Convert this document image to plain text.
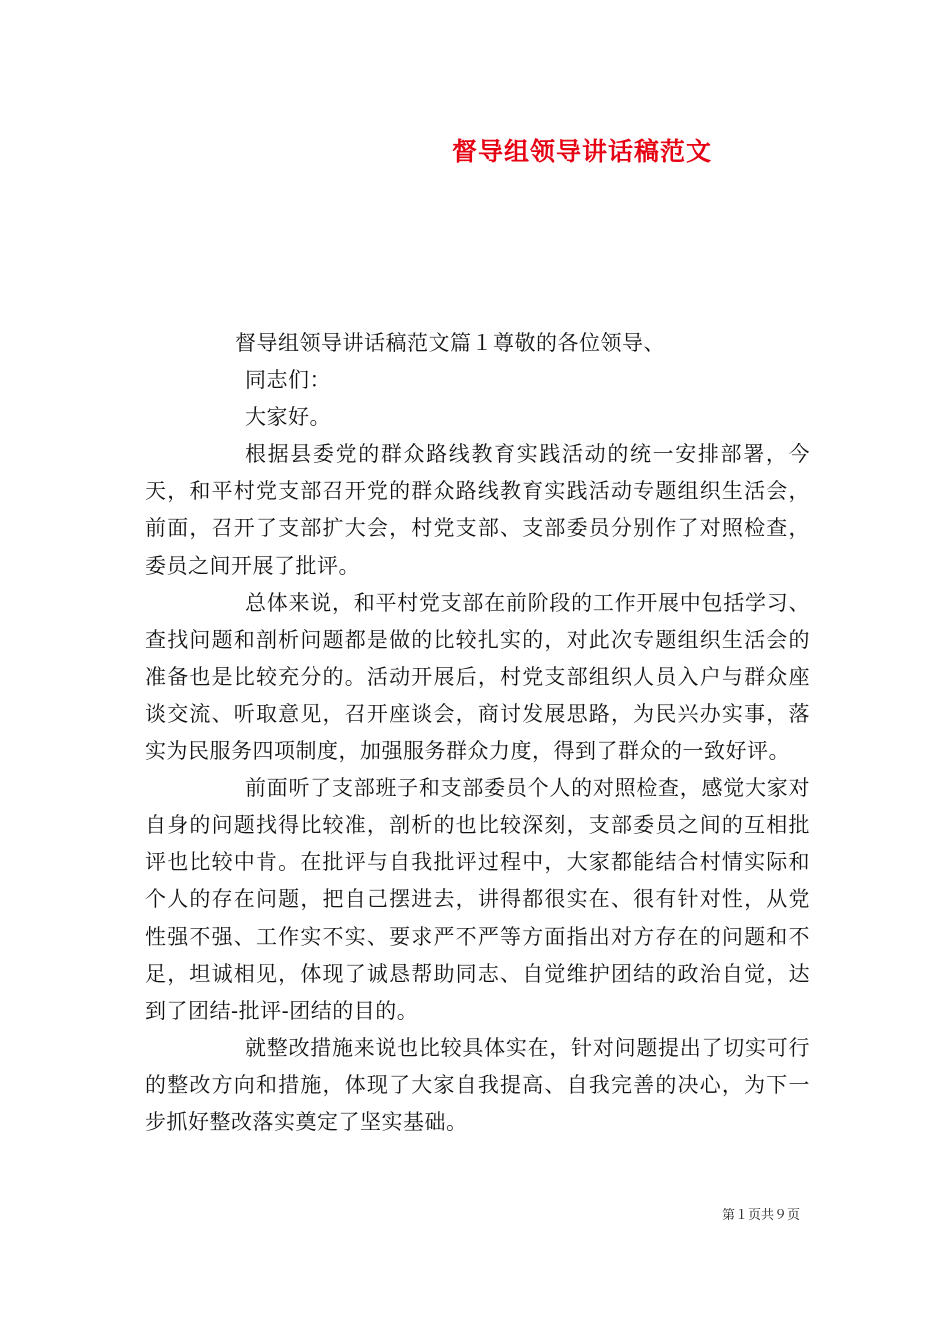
督导组领导讲话稿范文

督导组领导讲话稿范文篇１尊敬的各位领导、

同志们：

大家好。

根据县委党的群众路线教育实践活动的统一安排部署，今天，和平村党支部召开党的群众路线教育实践活动专题组织生活会，前面，召开了支部扩大会，村党支部、支部委员分别作了对照检查，委员之间开展了批评。

总体来说，和平村党支部在前阶段的工作开展中包括学习、查找问题和剖析问题都是做的比较扎实的，对此次专题组织生活会的准备也是比较充分的。活动开展后，村党支部组织人员入户与群众座谈交流、听取意见，召开座谈会，商讨发展思路，为民兴办实事，落实为民服务四项制度，加强服务群众力度，得到了群众的一致好评。

前面听了支部班子和支部委员个人的对照检查，感觉大家对自身的问题找得比较准，剖析的也比较深刻，支部委员之间的互相批评也比较中肯。在批评与自我批评过程中，大家都能结合村情实际和个人的存在问题，把自己摆进去，讲得都很实在、很有针对性，从党性强不强、工作实不实、要求严不严等方面指出对方存在的问题和不足，坦诚相见，体现了诚恳帮助同志、自觉维护团结的政治自觉，达到了团结-批评-团结的目的。

就整改措施来说也比较具体实在，针对问题提出了切实可行的整改方向和措施，体现了大家自我提高、自我完善的决心，为下一步抓好整改落实奠定了坚实基础。

第１页共９页
